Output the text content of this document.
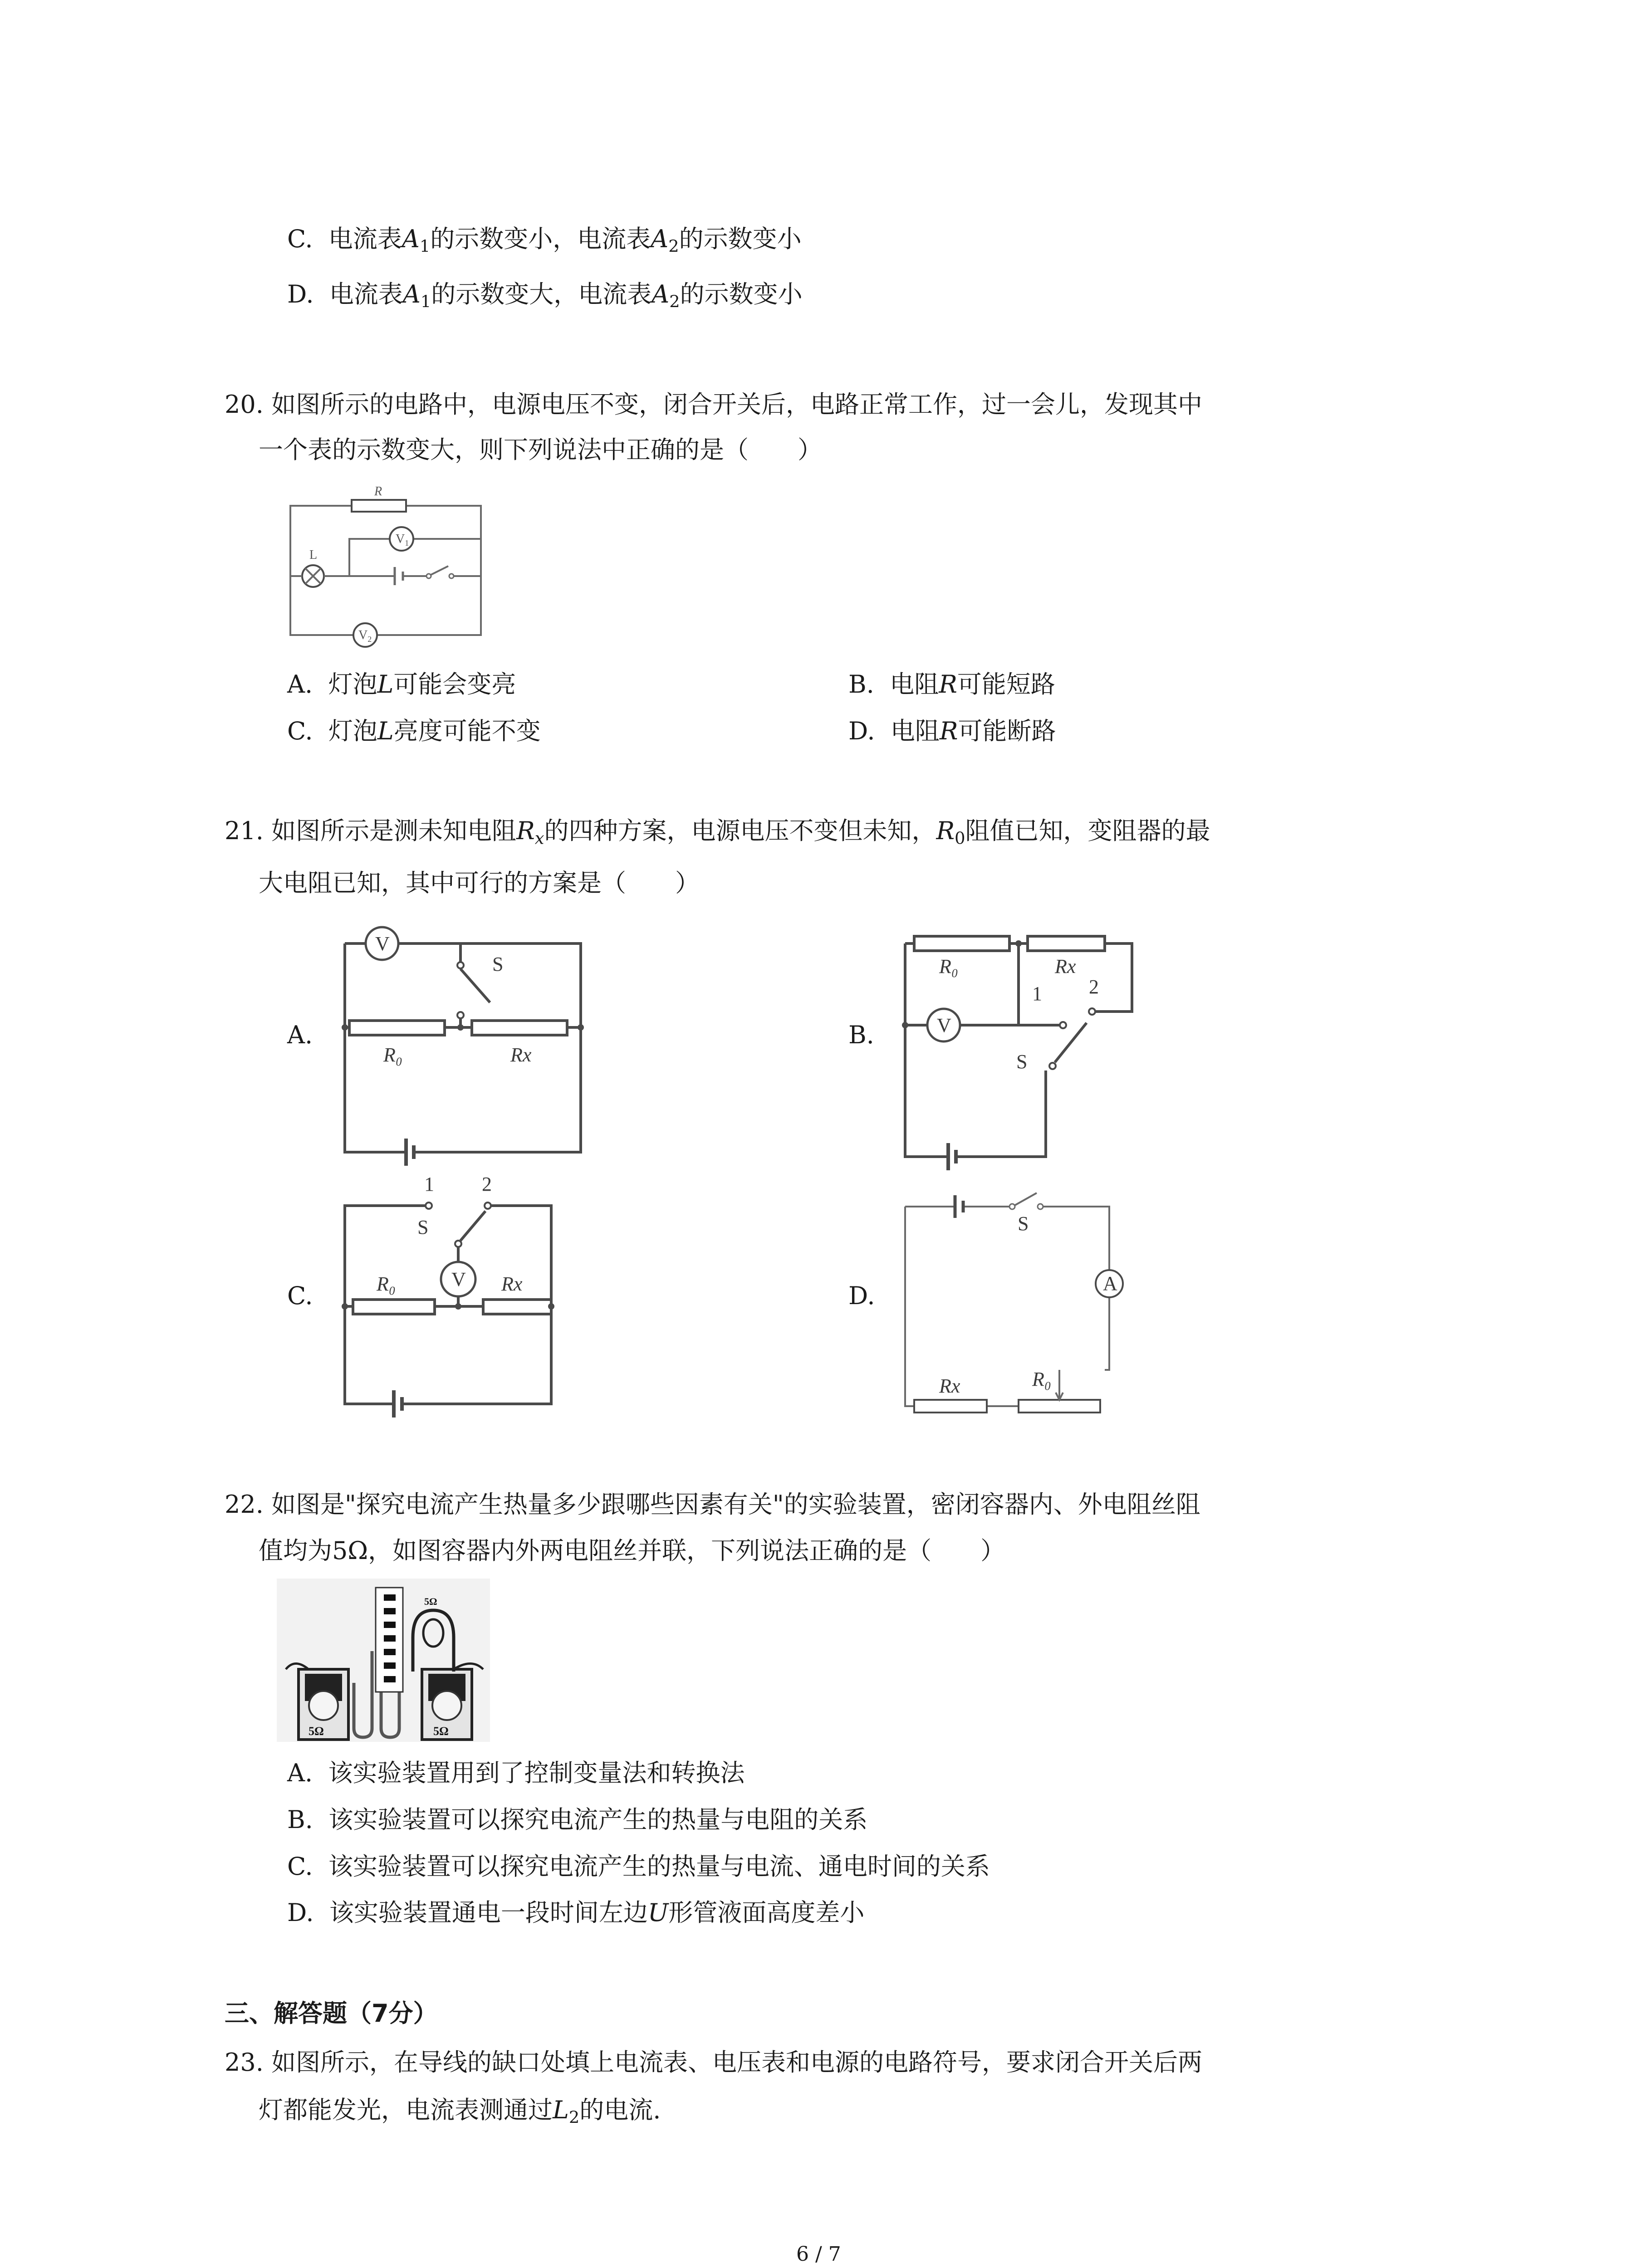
C. 电流表$A_1$的示数变小，电流表$A_2$的示数变小
D. 电流表$A_1$的示数变大，电流表$A_2$的示数变小
20. 如图所示的电路中，电源电压不变，闭合开关后，电路正常工作，过一会儿，发现其中
一个表的示数变大，则下列说法中正确的是（　　）
R
L
$V_1$
$V_2$
A. 灯泡L可能会变亮	B. 电阻R可能短路
C. 灯泡L亮度可能不变	D. 电阻R可能断路
21. 如图所示是测未知电阻$R_x$的四种方案，电源电压不变但未知，$R_0$阻值已知，变阻器的最
大电阻已知，其中可行的方案是（　　）
A.
V
S
R₀	Rx
B.
R₀	Rx
V
1 2
S
C.
1 2
S
V
R₀	Rx	D.
S
A
Rx	R₀
22. 如图是"探究电流产生热量多少跟哪些因素有关"的实验装置，密闭容器内、外电阻丝阻
值均为5Ω，如图容器内外两电阻丝并联，下列说法正确的是（　　）
5Ω	5Ω
5Ω
A. 该实验装置用到了控制变量法和转换法
B. 该实验装置可以探究电流产生的热量与电阻的关系
C. 该实验装置可以探究电流产生的热量与电流、通电时间的关系
D. 该实验装置通电一段时间左边U形管液面高度差小
三、解答题（7分）
23. 如图所示，在导线的缺口处填上电流表、电压表和电源的电路符号，要求闭合开关后两
灯都能发光，电流表测通过$L_2$的电流.
6 / 7
